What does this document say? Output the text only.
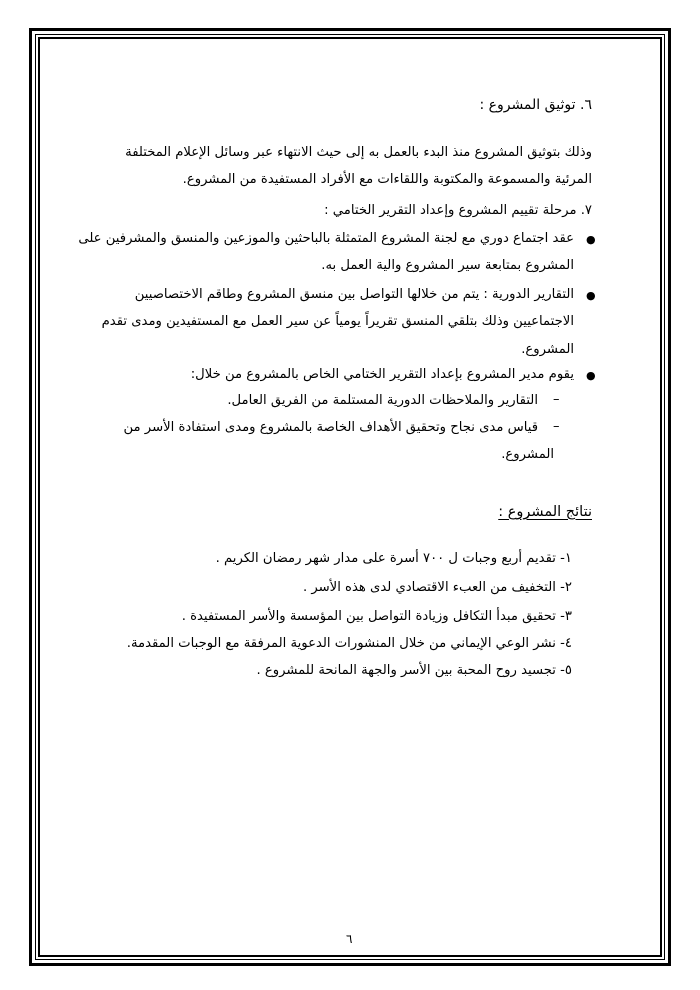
٦. توثيق المشروع :
وذلك بتوثيق المشروع منذ البدء بالعمل به إلى حيث الانتهاء عبر وسائل الإعلام المختلفة
المرئية والمسموعة والمكتوبة واللقاءات مع الأفراد المستفيدة من المشروع.
٧. مرحلة تقييم المشروع وإعداد التقرير الختامي :
●
عقد اجتماع دوري مع لجنة المشروع المتمثلة بالباحثين والموزعين والمنسق والمشرفين على
المشروع بمتابعة سير المشروع والية العمل به.
●
التقارير الدورية : يتم من خلالها التواصل بين منسق المشروع وطاقم الاختصاصيين
الاجتماعيين وذلك بتلقي المنسق تقريراً يومياً عن سير العمل مع المستفيدين ومدى تقدم
المشروع.
●
يقوم مدير المشروع بإعداد التقرير الختامي الخاص بالمشروع من خلال:
–
التقارير والملاحظات الدورية المستلمة من الفريق العامل.
–
قياس مدى نجاح وتحقيق الأهداف الخاصة بالمشروع ومدى استفادة الأسر من
المشروع.
نتائج المشروع :
١- تقديم أربع وجبات ل ٧٠٠ أسرة على مدار شهر رمضان الكريم .
٢- التخفيف من العبء الاقتصادي لدى هذه الأسر .
٣- تحقيق مبدأ التكافل وزيادة التواصل بين المؤسسة والأسر المستفيدة .
٤- نشر الوعي الإيماني من خلال المنشورات الدعوية المرفقة مع الوجبات المقدمة.
٥- تجسيد روح المحبة بين الأسر والجهة المانحة للمشروع .
٦
